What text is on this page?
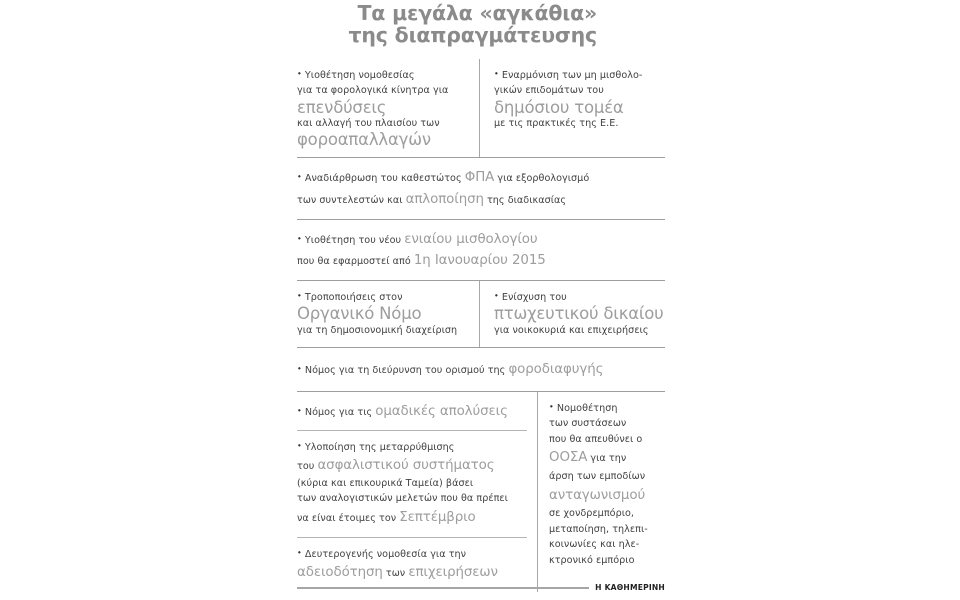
Τα μεγάλα «αγκάθια»
της διαπραγμάτευσης
• Υιοθέτηση νομοθεσίας
για τα φορολογικά κίνητρα για
επενδύσεις
και αλλαγή του πλαισίου των
φοροαπαλλαγών
• Εναρμόνιση των μη μισθολο-
γικών επιδομάτων του
δημόσιου τομέα
με τις πρακτικές της Ε.Ε.
• Αναδιάρθρωση του καθεστώτος ΦΠΑ για εξορθολογισμό
των συντελεστών και απλοποίηση της διαδικασίας
• Υιοθέτηση του νέου ενιαίου μισθολογίου
που θα εφαρμοστεί από 1η Ιανουαρίου 2015
• Τροποποιήσεις στον
Οργανικό Νόμο
για τη δημοσιονομική διαχείριση
• Ενίσχυση του
πτωχευτικού δικαίου
για νοικοκυριά και επιχειρήσεις
• Νόμος για τη διεύρυνση του ορισμού της φοροδιαφυγής
• Νόμος για τις ομαδικές απολύσεις
• Υλοποίηση της μεταρρύθμισης
του ασφαλιστικού συστήματος
(κύρια και επικουρικά Ταμεία) βάσει
των αναλογιστικών μελετών που θα πρέπει
να είναι έτοιμες τον Σεπτέμβριο
• Δευτερογενής νομοθεσία για την
αδειοδότηση των επιχειρήσεων
• Νομοθέτηση
των συστάσεων
που θα απευθύνει ο
ΟΟΣΑ για την
άρση των εμποδίων
ανταγωνισμού
σε χονδρεμπόριο,
μεταποίηση, τηλεπι-
κοινωνίες και ηλε-
κτρονικό εμπόριο
Η ΚΑΘΗΜΕΡΙΝΗ
